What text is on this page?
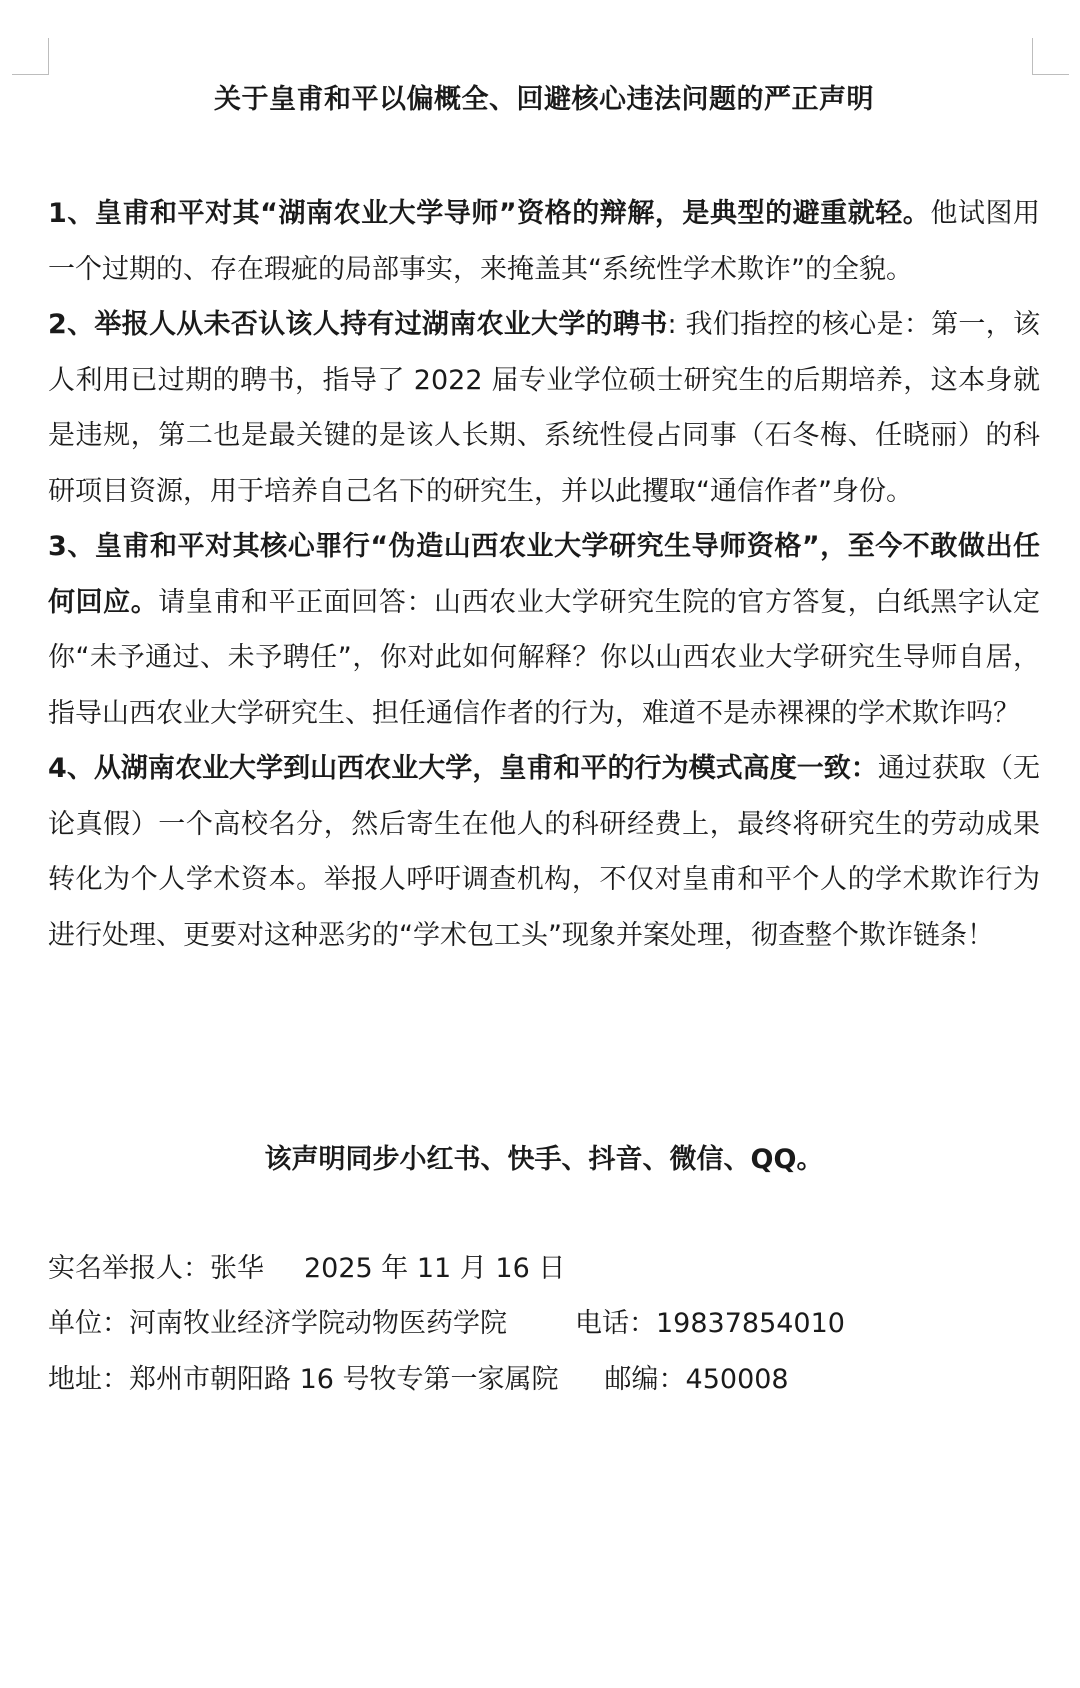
关于皇甫和平以偏概全、回避核心违法问题的严正声明

1、皇甫和平对其“湖南农业大学导师”资格的辩解，是典型的避重就轻。他试图用一个过期的、存在瑕疵的局部事实，来掩盖其“系统性学术欺诈”的全貌。

2、举报人从未否认该人持有过湖南农业大学的聘书: 我们指控的核心是：第一，该人利用已过期的聘书，指导了 2022 届专业学位硕士研究生的后期培养，这本身就是违规，第二也是最关键的是该人长期、系统性侵占同事（石冬梅、任晓丽）的科研项目资源，用于培养自己名下的研究生，并以此攫取“通信作者”身份。

3、皇甫和平对其核心罪行“伪造山西农业大学研究生导师资格”，至今不敢做出任何回应。请皇甫和平正面回答：山西农业大学研究生院的官方答复，白纸黑字认定你“未予通过、未予聘任”，你对此如何解释？你以山西农业大学研究生导师自居，指导山西农业大学研究生、担任通信作者的行为，难道不是赤裸裸的学术欺诈吗？

4、从湖南农业大学到山西农业大学，皇甫和平的行为模式高度一致：通过获取（无论真假）一个高校名分，然后寄生在他人的科研经费上，最终将研究生的劳动成果转化为个人学术资本。举报人呼吁调查机构，不仅对皇甫和平个人的学术欺诈行为进行处理、更要对这种恶劣的“学术包工头”现象并案处理，彻查整个欺诈链条！

该声明同步小红书、快手、抖音、微信、QQ。
实名举报人：张华 2025 年 11 月 16 日
单位：河南牧业经济学院动物医药学院	电话：19837854010
地址：郑州市朝阳路 16 号牧专第一家属院 邮编：450008
